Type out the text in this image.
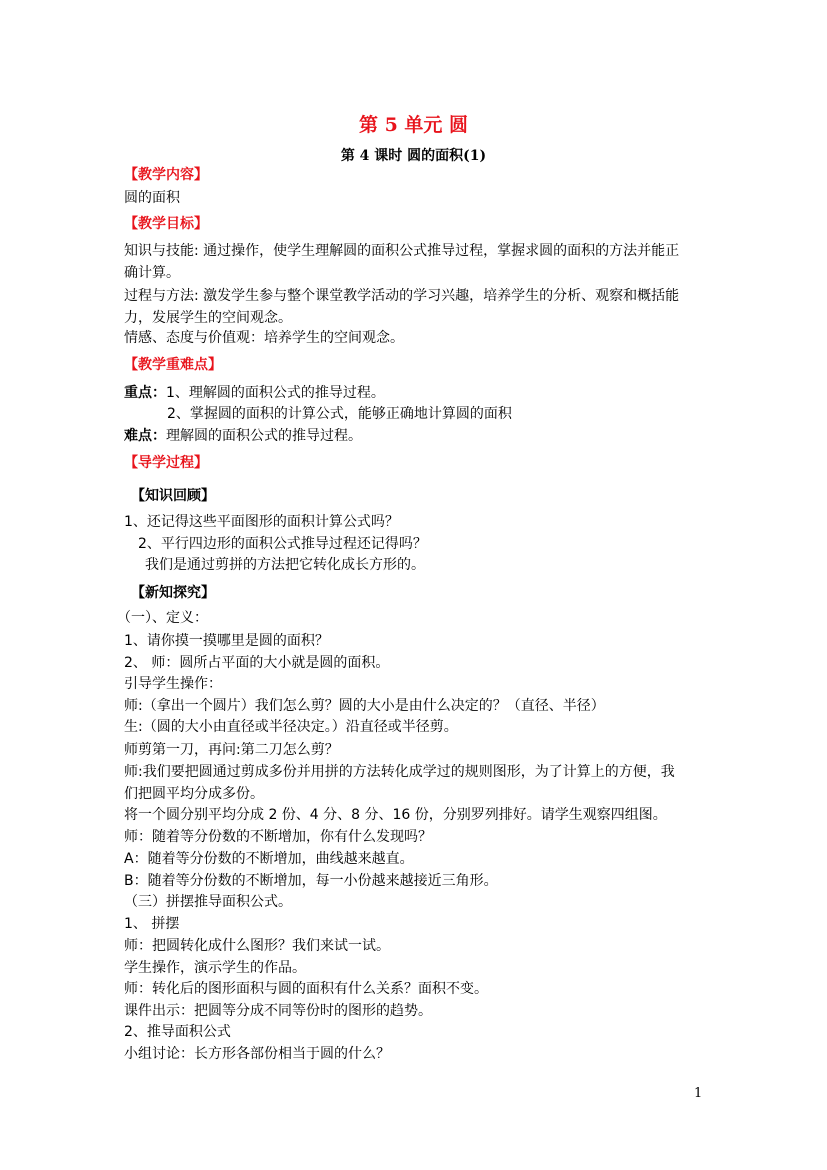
第 5 单元 圆
第 4 课时 圆的面积(1)
【教学内容】
圆的面积
【教学目标】
知识与技能: 通过操作，使学生理解圆的面积公式推导过程，掌握求圆的面积的方法并能正
确计算。
过程与方法: 激发学生参与整个课堂教学活动的学习兴趣，培养学生的分析、观察和概括能
力，发展学生的空间观念。
情感、态度与价值观：培养学生的空间观念。
【教学重难点】
重点：1、理解圆的面积公式的推导过程。
2、掌握圆的面积的计算公式，能够正确地计算圆的面积
难点：理解圆的面积公式的推导过程。
【导学过程】
【知识回顾】
1、还记得这些平面图形的面积计算公式吗？
2、平行四边形的面积公式推导过程还记得吗？
我们是通过剪拼的方法把它转化成长方形的。
【新知探究】
（一）、定义：
1、请你摸一摸哪里是圆的面积？
2、 师：圆所占平面的大小就是圆的面积。
引导学生操作：
师:（拿出一个圆片）我们怎么剪？圆的大小是由什么决定的？（直径、半径）
生:（圆的大小由直径或半径决定。）沿直径或半径剪。
师剪第一刀，再问:第二刀怎么剪？
师:我们要把圆通过剪成多份并用拼的方法转化成学过的规则图形，为了计算上的方便，我
们把圆平均分成多份。
将一个圆分别平均分成 2 份、4 分、8 分、16 份，分别罗列排好。请学生观察四组图。
师：随着等分份数的不断增加，你有什么发现吗？
A：随着等分份数的不断增加，曲线越来越直。
B：随着等分份数的不断增加，每一小份越来越接近三角形。
（三）拼摆推导面积公式。
1、 拼摆
师：把圆转化成什么图形？我们来试一试。
学生操作，演示学生的作品。
师：转化后的图形面积与圆的面积有什么关系？面积不变。
课件出示：把圆等分成不同等份时的图形的趋势。
2、推导面积公式
小组讨论：长方形各部份相当于圆的什么？
1
